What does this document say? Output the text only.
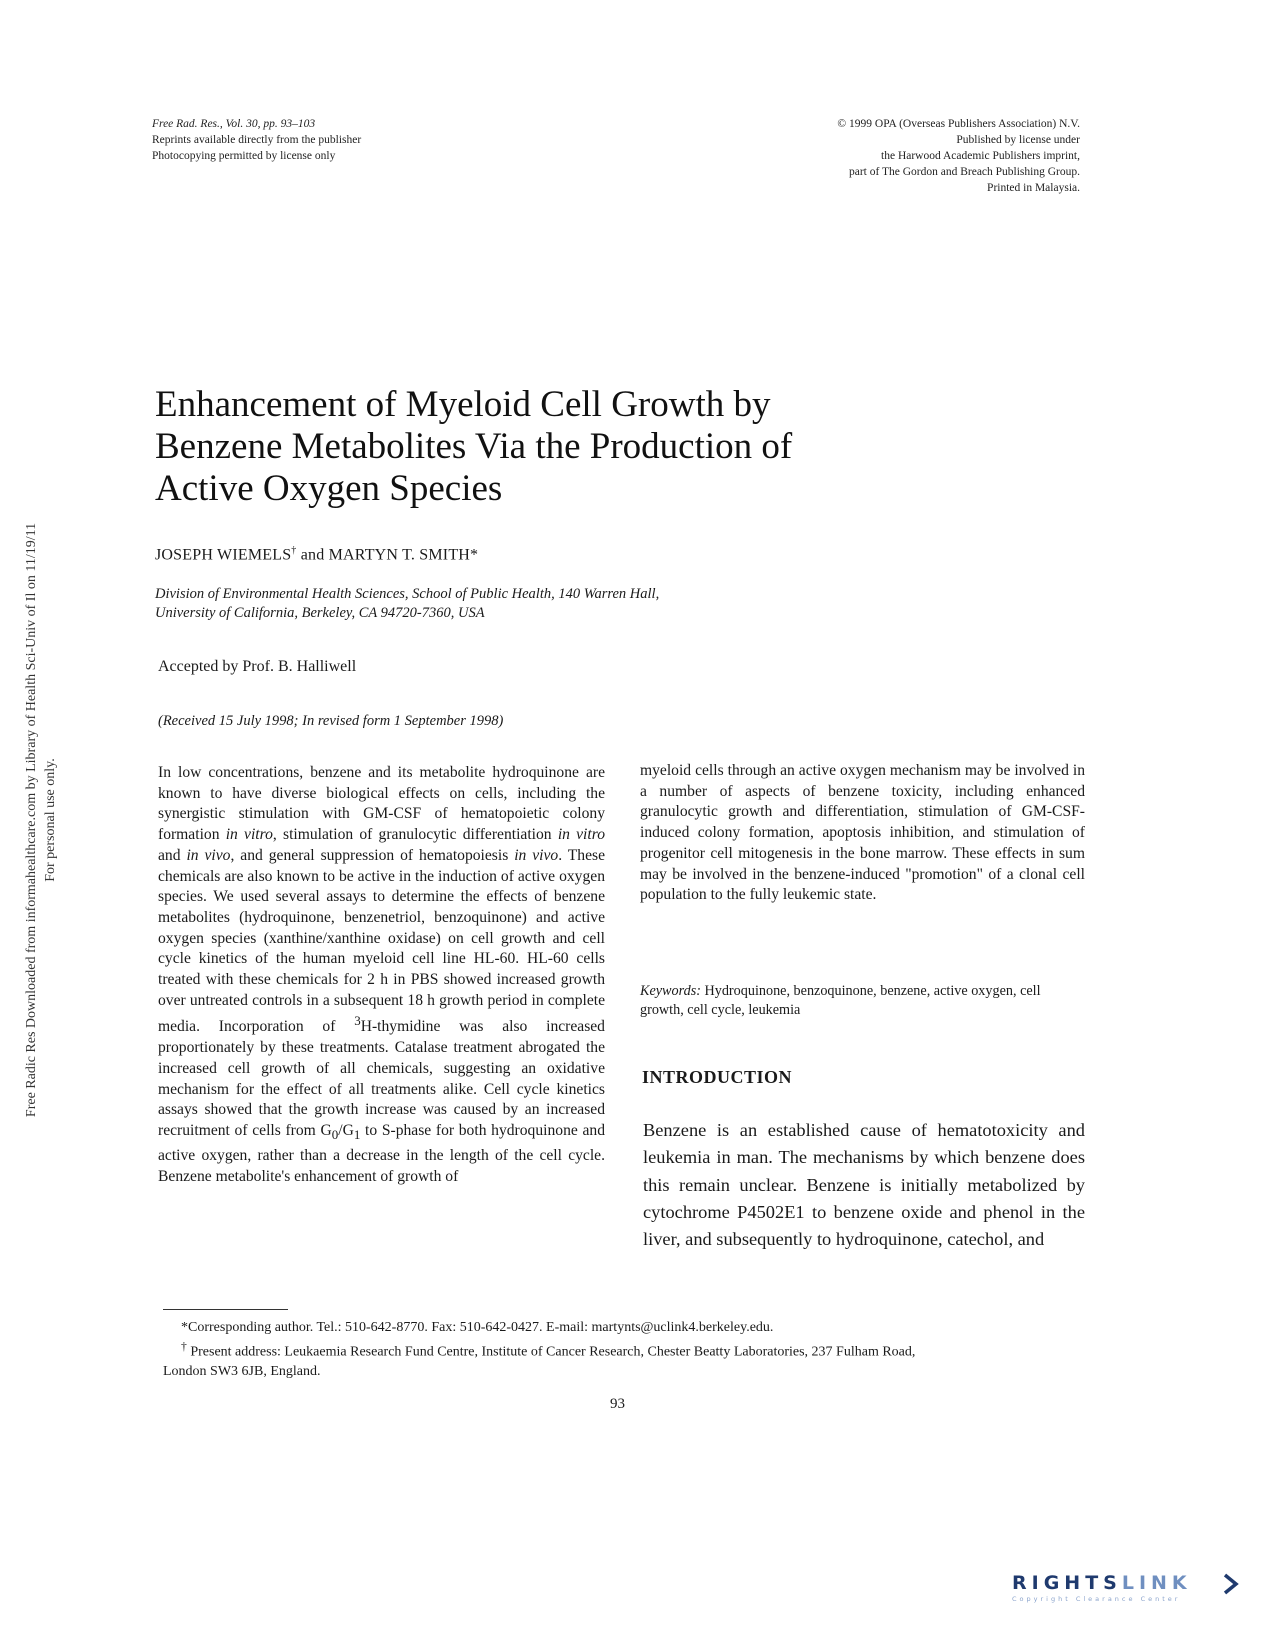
Free Rad. Res., Vol. 30, pp. 93–103
Reprints available directly from the publisher
Photocopying permitted by license only
© 1999 OPA (Overseas Publishers Association) N.V.
Published by license under
the Harwood Academic Publishers imprint,
part of The Gordon and Breach Publishing Group.
Printed in Malaysia.
Free Radic Res Downloaded from informahealthcare.com by Library of Health Sci-Univ of Il on 11/19/11 For personal use only.
Enhancement of Myeloid Cell Growth by
Benzene Metabolites Via the Production of
Active Oxygen Species
JOSEPH WIEMELS† and MARTYN T. SMITH*
Division of Environmental Health Sciences, School of Public Health, 140 Warren Hall,
University of California, Berkeley, CA 94720-7360, USA
Accepted by Prof. B. Halliwell
(Received 15 July 1998; In revised form 1 September 1998)
In low concentrations, benzene and its metabolite hydroquinone are known to have diverse biological effects on cells, including the synergistic stimulation with GM-CSF of hematopoietic colony formation in vitro, stimulation of granulocytic differentiation in vitro and in vivo, and general suppression of hematopoiesis in vivo. These chemicals are also known to be active in the induction of active oxygen species. We used several assays to determine the effects of benzene metabolites (hydroquinone, benzenetriol, benzoquinone) and active oxygen species (xanthine/xanthine oxidase) on cell growth and cell cycle kinetics of the human myeloid cell line HL-60. HL-60 cells treated with these chemicals for 2 h in PBS showed increased growth over untreated controls in a subsequent 18 h growth period in complete media. Incorporation of $^3$H-thymidine was also increased proportionately by these treatments. Catalase treatment abrogated the increased cell growth of all chemicals, suggesting an oxidative mechanism for the effect of all treatments alike. Cell cycle kinetics assays showed that the growth increase was caused by an increased recruitment of cells from $G_0/G_1$ to S-phase for both hydroquinone and active oxygen, rather than a decrease in the length of the cell cycle. Benzene metabolite's enhancement of growth of
myeloid cells through an active oxygen mechanism may be involved in a number of aspects of benzene toxicity, including enhanced granulocytic growth and differentiation, stimulation of GM-CSF-induced colony formation, apoptosis inhibition, and stimulation of progenitor cell mitogenesis in the bone marrow. These effects in sum may be involved in the benzene-induced "promotion" of a clonal cell population to the fully leukemic state.
Keywords: Hydroquinone, benzoquinone, benzene, active oxygen, cell growth, cell cycle, leukemia
INTRODUCTION
Benzene is an established cause of hematotoxicity and leukemia in man. The mechanisms by which benzene does this remain unclear. Benzene is initially metabolized by cytochrome P4502E1 to benzene oxide and phenol in the liver, and subsequently to hydroquinone, catechol, and
*Corresponding author. Tel.: 510-642-8770. Fax: 510-642-0427. E-mail: martynts@uclink4.berkeley.edu.
† Present address: Leukaemia Research Fund Centre, Institute of Cancer Research, Chester Beatty Laboratories, 237 Fulham Road,
London SW3 6JB, England.
93
RIGHTSLINK
Copyright Clearance Center
